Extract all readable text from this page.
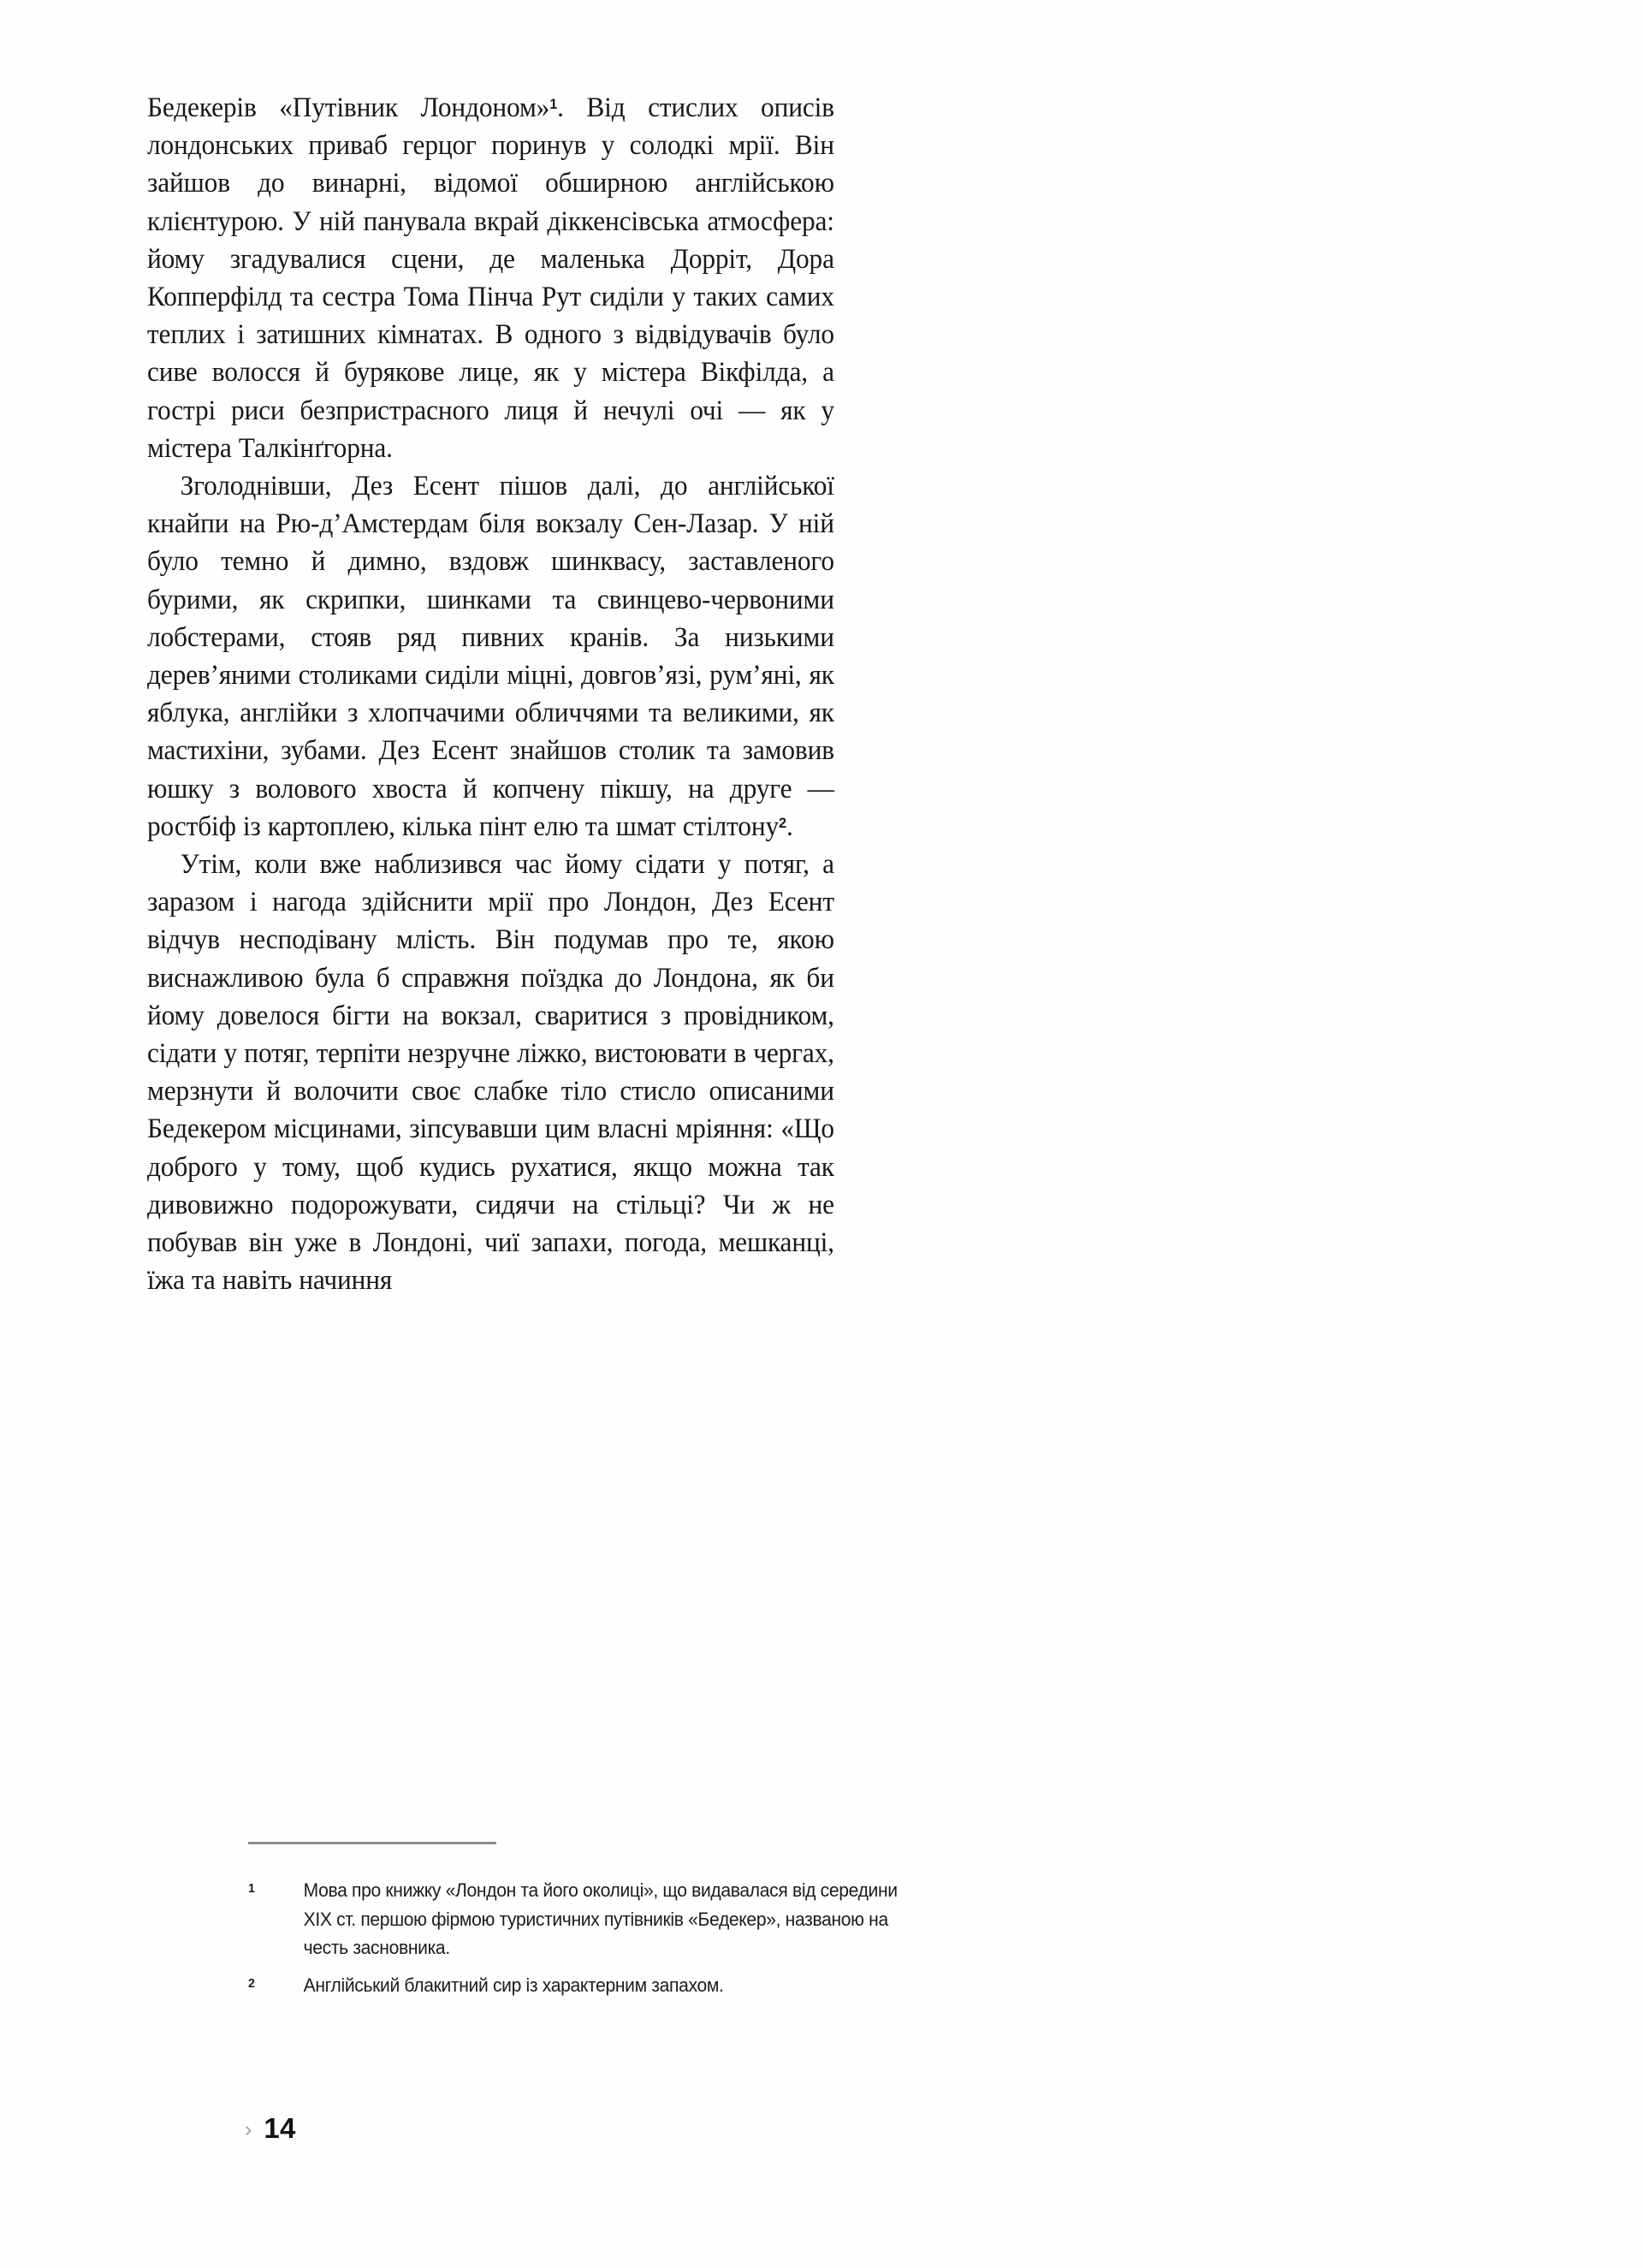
Бедекерів «Путівник Лондоном»$^1$. Від стислих описів лондонських приваб герцог поринув у солодкі мрії. Він зайшов до винарні, відомої обширною англійською клієнтурою. У ній панувала вкрай діккенсівська атмосфера: йому згадувалися сцени, де маленька Дорріт, Дора Копперфілд та сестра Тома Пінча Рут сиділи у таких самих теплих і затишних кімнатах. В одного з відвідувачів було сиве волосся й бурякове лице, як у містера Вікфілда, а гострі риси безпристрасного лиця й нечулі очі — як у містера Талкінґгорна.

Зголоднівши, Дез Есент пішов далі, до англійської кнайпи на Рю-д’Амстердам біля вокзалу Сен-Лазар. У ній було темно й димно, вздовж шинквасу, заставленого бурими, як скрипки, шинками та свинцево-червоними лобстерами, стояв ряд пивних кранів. За низькими дерев’яними столиками сиділи міцні, довгов’язі, рум’яні, як яблука, англійки з хлопчачими обличчями та великими, як мастихіни, зубами. Дез Есент знайшов столик та замовив юшку з волового хвоста й копчену пікшу, на друге — ростбіф із картоплею, кілька пінт елю та шмат стілтону$^2$.

Утім, коли вже наблизився час йому сідати у потяг, а заразом і нагода здійснити мрії про Лондон, Дез Есент відчув несподівану млість. Він подумав про те, якою виснажливою була б справжня поїздка до Лондона, як би йому довелося бігти на вокзал, сваритися з провідником, сідати у потяг, терпіти незручне ліжко, вистоювати в чергах, мерзнути й волочити своє слабке тіло стисло описаними Бедекером місцинами, зіпсувавши цим власні мріяння: «Що доброго у тому, щоб кудись рухатися, якщо можна так дивовижно подорожувати, сидячи на стільці? Чи ж не побував він уже в Лондоні, чиї запахи, погода, мешканці, їжа та навіть начиння

1	Мова про книжку «Лондон та його околиці», що видавалася від середини XIX ст. першою фірмою туристичних путівників «Бедекер», названою на честь засновника.
2	Англійський блакитний сир із характерним запахом.
› 14
